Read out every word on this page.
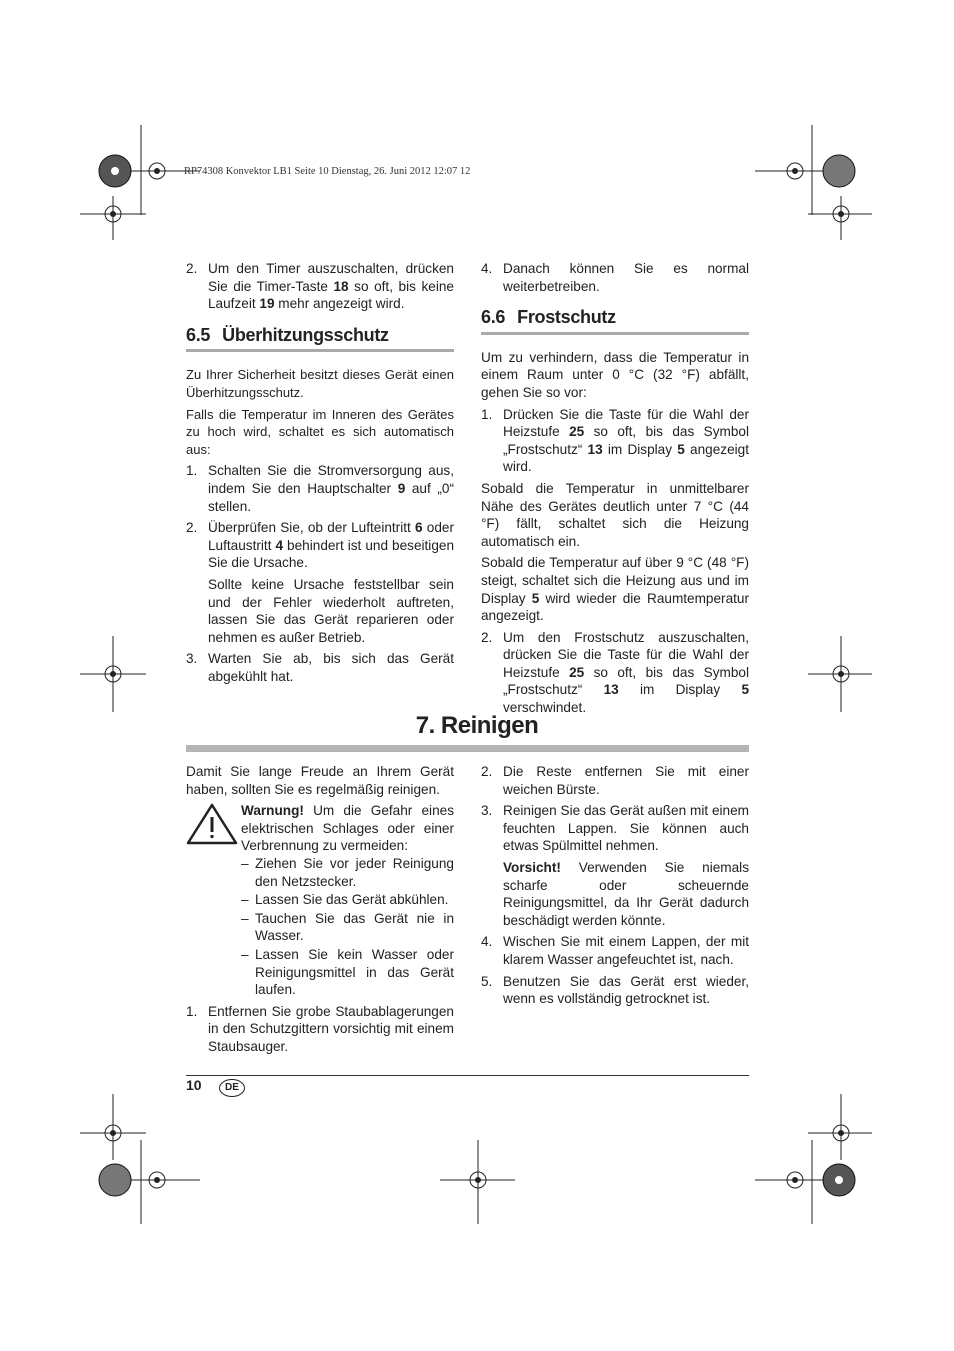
RP74308 Konvektor LB1 Seite 10 Dienstag, 26. Juni 2012 12:07 12
2. Um den Timer auszuschalten, drücken Sie die Timer-Taste 18 so oft, bis keine Laufzeit 19 mehr angezeigt wird.
6.5 Überhitzungsschutz

Zu Ihrer Sicherheit besitzt dieses Gerät einen Überhitzungsschutz.

Falls die Temperatur im Inneren des Gerätes zu hoch wird, schaltet es sich automatisch aus:

1. Schalten Sie die Stromversorgung aus, indem Sie den Hauptschalter 9 auf „0“ stellen.
2. Überprüfen Sie, ob der Lufteintritt 6 oder Luftaustritt 4 behindert ist und beseitigen Sie die Ursache.
Sollte keine Ursache feststellbar sein und der Fehler wiederholt auftreten, lassen Sie das Gerät reparieren oder nehmen es außer Betrieb.
3. Warten Sie ab, bis sich das Gerät abgekühlt hat.
4. Danach können Sie es normal weiterbetreiben.
6.6 Frostschutz

Um zu verhindern, dass die Temperatur in einem Raum unter 0 °C (32 °F) abfällt, gehen Sie so vor:

1. Drücken Sie die Taste für die Wahl der Heizstufe 25 so oft, bis das Symbol „Frostschutz“ 13 im Display 5 angezeigt wird.

Sobald die Temperatur in unmittelbarer Nähe des Gerätes deutlich unter 7 °C (44 °F) fällt, schaltet sich die Heizung automatisch ein.

Sobald die Temperatur auf über 9 °C (48 °F) steigt, schaltet sich die Heizung aus und im Display 5 wird wieder die Raumtemperatur angezeigt.

2. Um den Frostschutz auszuschalten, drücken Sie die Taste für die Wahl der Heizstufe 25 so oft, bis das Symbol „Frostschutz“ 13 im Display 5 verschwindet.
7. Reinigen

Damit Sie lange Freude an Ihrem Gerät haben, sollten Sie es regelmäßig reinigen.

Warnung! Um die Gefahr eines elektrischen Schlages oder einer Verbrennung zu vermeiden:
– Ziehen Sie vor jeder Reinigung den Netzstecker.
– Lassen Sie das Gerät abkühlen.
– Tauchen Sie das Gerät nie in Wasser.
– Lassen Sie kein Wasser oder Reinigungsmittel in das Gerät laufen.
1. Entfernen Sie grobe Staubablagerungen in den Schutzgittern vorsichtig mit einem Staubsauger.
2. Die Reste entfernen Sie mit einer weichen Bürste.
3. Reinigen Sie das Gerät außen mit einem feuchten Lappen. Sie können auch etwas Spülmittel nehmen.
Vorsicht! Verwenden Sie niemals scharfe oder scheuernde Reinigungsmittel, da Ihr Gerät dadurch beschädigt werden könnte.
4. Wischen Sie mit einem Lappen, der mit klarem Wasser angefeuchtet ist, nach.
5. Benutzen Sie das Gerät erst wieder, wenn es vollständig getrocknet ist.
10	DE
